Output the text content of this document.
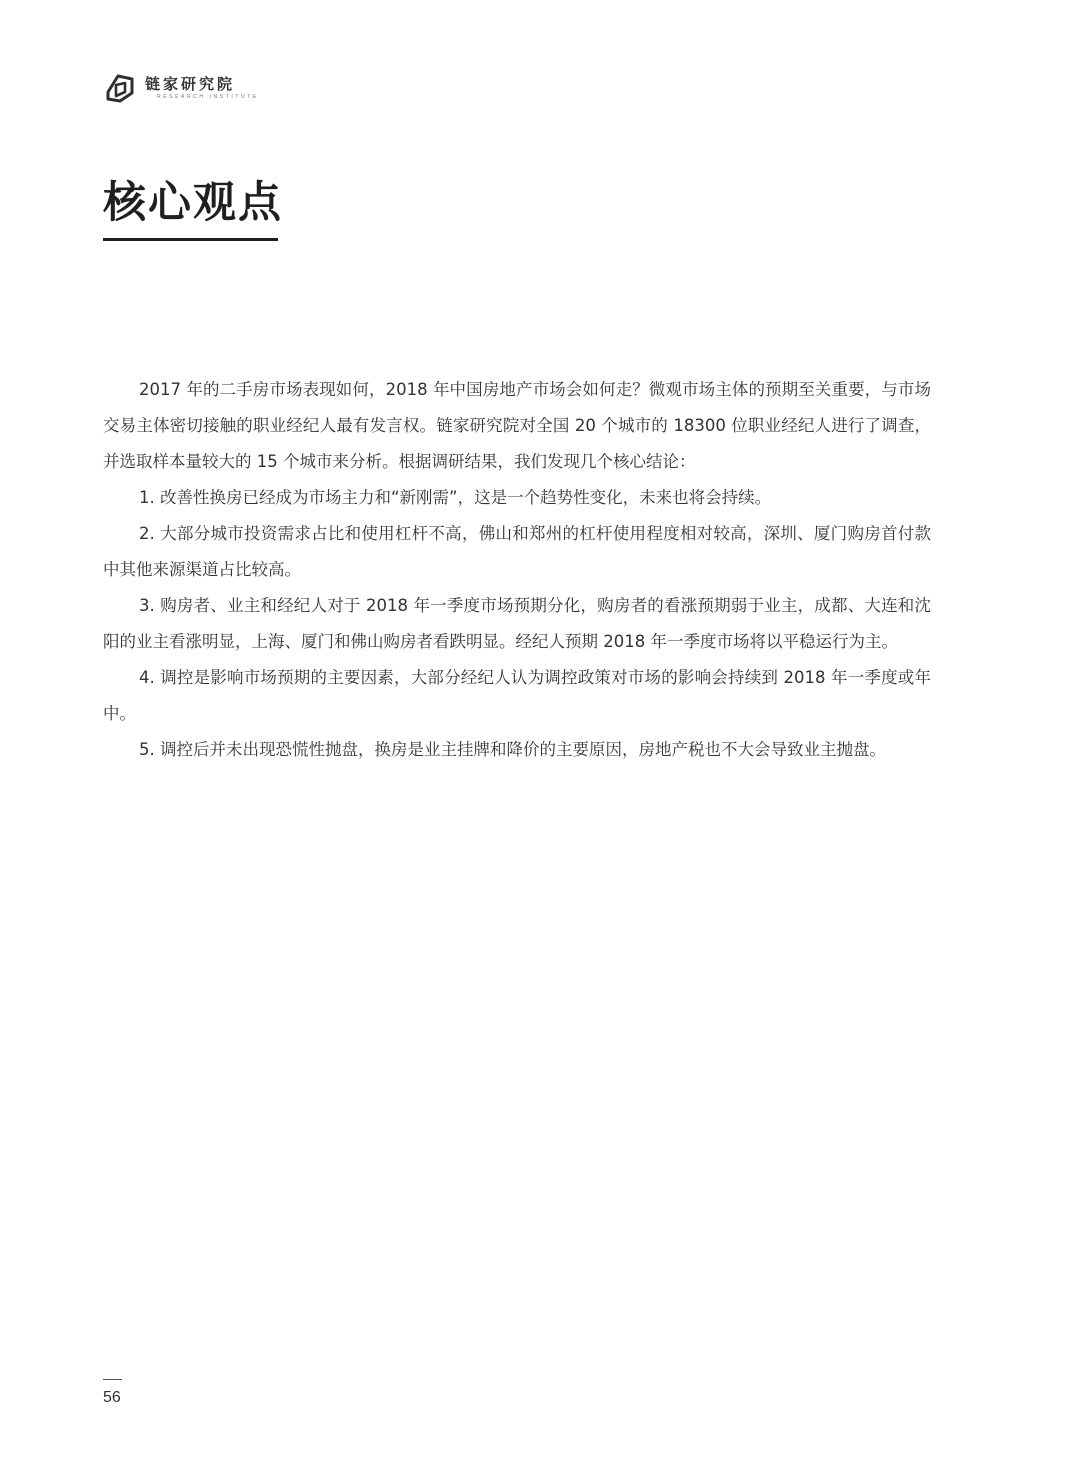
链家研究院
RESEARCH INSTITUTE
核心观点

2017 年的二手房市场表现如何，2018 年中国房地产市场会如何走？微观市场主体的预期至关重要，与市场交易主体密切接触的职业经纪人最有发言权。链家研究院对全国 20 个城市的 18300 位职业经纪人进行了调查，并选取样本量较大的 15 个城市来分析。根据调研结果，我们发现几个核心结论：

1. 改善性换房已经成为市场主力和“新刚需”，这是一个趋势性变化，未来也将会持续。

2. 大部分城市投资需求占比和使用杠杆不高，佛山和郑州的杠杆使用程度相对较高，深圳、厦门购房首付款中其他来源渠道占比较高。

3. 购房者、业主和经纪人对于 2018 年一季度市场预期分化，购房者的看涨预期弱于业主，成都、大连和沈阳的业主看涨明显，上海、厦门和佛山购房者看跌明显。经纪人预期 2018 年一季度市场将以平稳运行为主。

4. 调控是影响市场预期的主要因素，大部分经纪人认为调控政策对市场的影响会持续到 2018 年一季度或年中。

5. 调控后并未出现恐慌性抛盘，换房是业主挂牌和降价的主要原因，房地产税也不大会导致业主抛盘。

56
